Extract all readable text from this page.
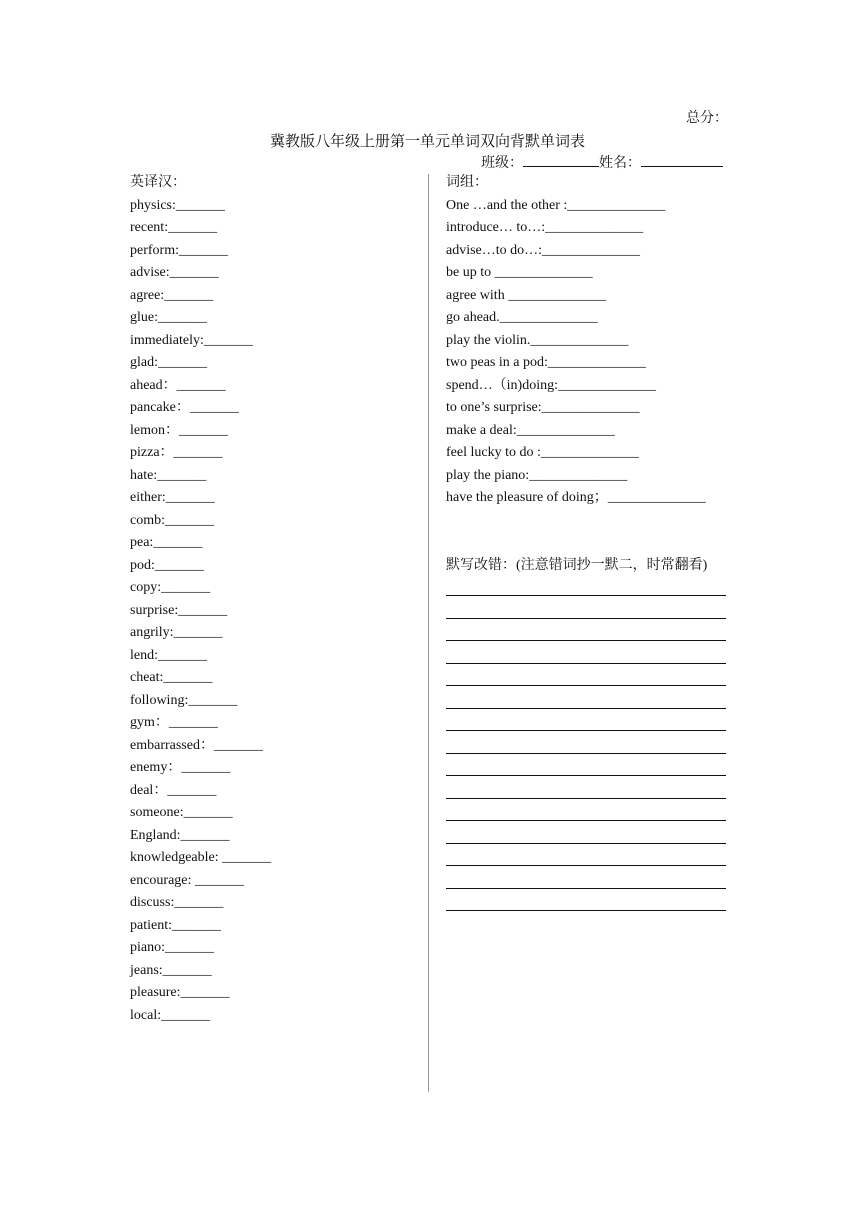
总分：
冀教版八年级上册第一单元单词双向背默单词表
班级：	姓名：
英译汉：
physics:_______
recent:_______
perform:_______
advise:_______
agree:_______
glue:_______
immediately:_______
glad:_______
ahead：_______
pancake：_______
lemon：_______
pizza：_______
hate:_______
either:_______
comb:_______
pea:_______
pod:_______
copy:_______
surprise:_______
angrily:_______
lend:_______
cheat:_______
following:_______
gym：_______
embarrassed：_______
enemy：_______
deal：_______
someone:_______
England:_______
knowledgeable: _______
encourage: _______
discuss:_______
patient:_______
piano:_______
jeans:_______
pleasure:_______
local:_______
词组：
One …and the other :______________
introduce… to…:______________
advise…to do…:______________
be up to ______________
agree with ______________
go ahead.______________
play the violin.______________
two peas in a pod:______________
spend…（in)doing:______________
to one’s surprise:______________
make a deal:______________
feel lucky to do :______________
play the piano:______________
have the pleasure of doing；______________
默写改错：(注意错词抄一默二，时常翻看)
